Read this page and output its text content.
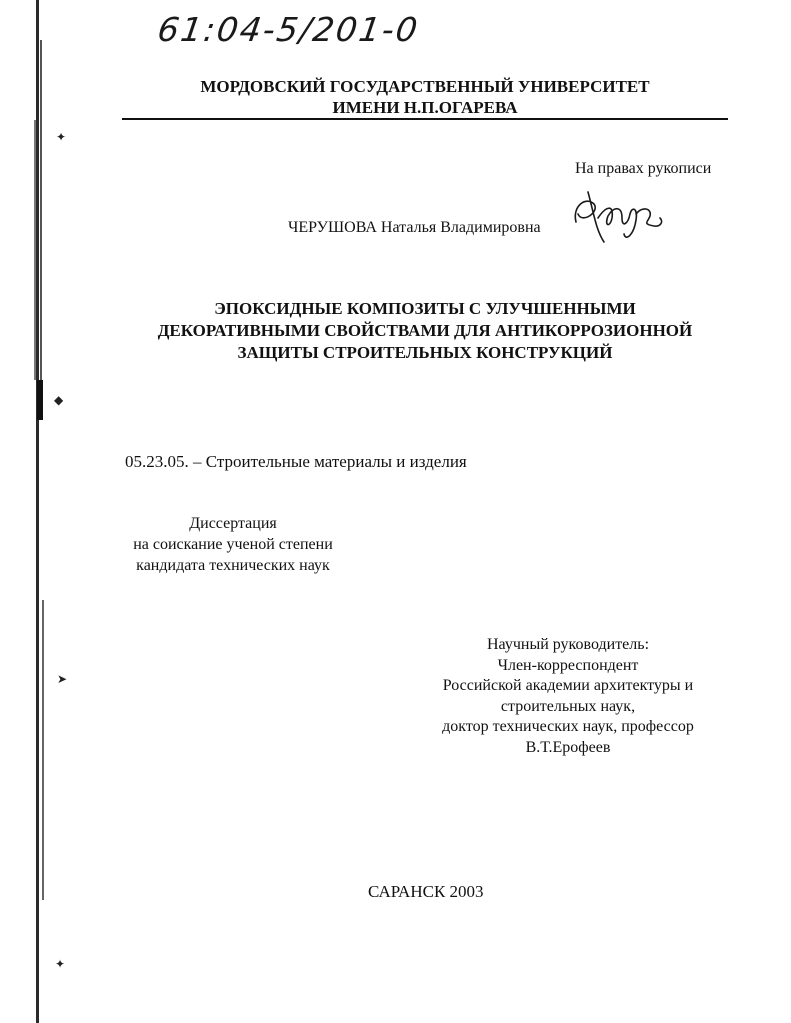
✦
◆
➤
✦
61:04-5/201-0
МОРДОВСКИЙ ГОСУДАРСТВЕННЫЙ УНИВЕРСИТЕТ
ИМЕНИ Н.П.ОГАРЕВА
На правах рукописи
ЧЕРУШОВА Наталья Владимировна
ЭПОКСИДНЫЕ КОМПОЗИТЫ С УЛУЧШЕННЫМИ
ДЕКОРАТИВНЫМИ СВОЙСТВАМИ ДЛЯ АНТИКОРРОЗИОННОЙ
ЗАЩИТЫ СТРОИТЕЛЬНЫХ КОНСТРУКЦИЙ
05.23.05. – Строительные материалы и изделия
Диссертация
на соискание ученой степени
кандидата технических наук
Научный руководитель:
Член-корреспондент
Российской академии архитектуры и
строительных наук,
доктор технических наук, профессор
В.Т.Ерофеев
САРАНСК 2003
